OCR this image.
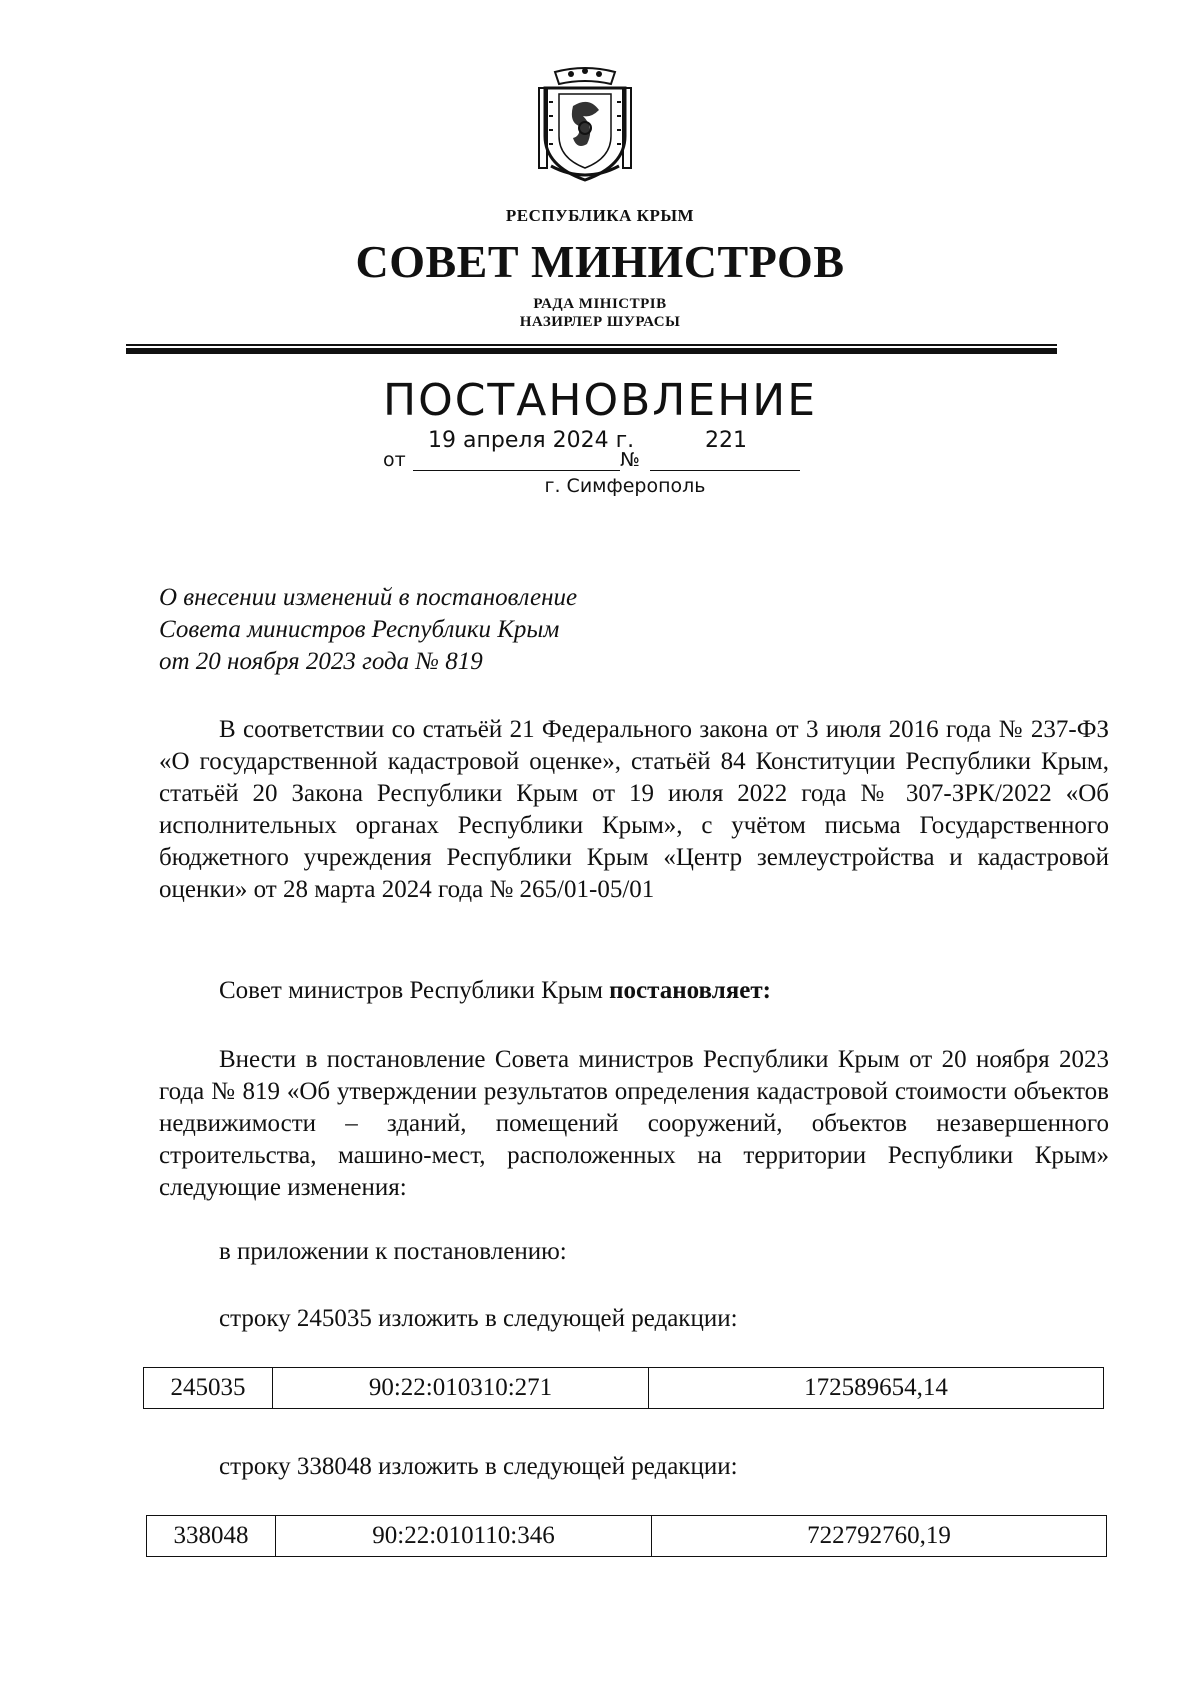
РЕСПУБЛИКА КРЫМ
СОВЕТ МИНИСТРОВ
РАДА МІНІСТРІВ
НАЗИРЛЕР ШУРАСЫ
ПОСТАНОВЛЕНИЕ
от
19 апреля 2024 г.
№
221
г. Симферополь
О внесении изменений в постановление
Совета министров Республики Крым
от 20 ноября 2023 года № 819
В соответствии со статьёй 21 Федерального закона от 3 июля 2016 года № 237-ФЗ «О государственной кадастровой оценке», статьёй 84 Конституции Республики Крым, статьёй 20 Закона Республики Крым от 19 июля 2022 года № 307-ЗРК/2022 «Об исполнительных органах Республики Крым», с учётом письма Государственного бюджетного учреждения Республики Крым «Центр землеустройства и кадастровой оценки» от 28 марта 2024 года № 265/01-05/01
Совет министров Республики Крым постановляет:
Внести в постановление Совета министров Республики Крым от 20 ноября 2023 года № 819 «Об утверждении результатов определения кадастровой стоимости объектов недвижимости – зданий, помещений сооружений, объектов незавершенного строительства, машино-мест, расположенных на территории Республики Крым» следующие изменения:
в приложении к постановлению:
строку 245035 изложить в следующей редакции:
245035	90:22:010310:271	172589654,14
строку 338048 изложить в следующей редакции:
338048	90:22:010110:346	722792760,19
